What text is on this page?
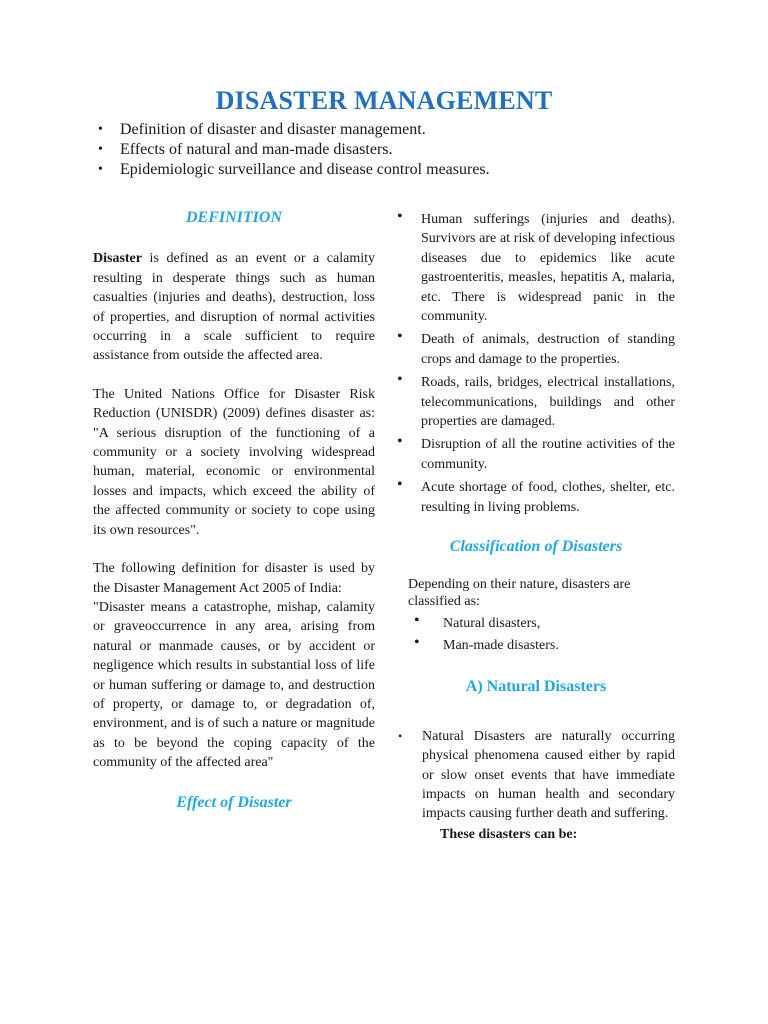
DISASTER MANAGEMENT
• Definition of disaster and disaster management.
• Effects of natural and man-made disasters.
• Epidemiologic surveillance and disease control measures.
DEFINITION

Disaster is defined as an event or a calamity resulting in desperate things such as human casualties (injuries and deaths), destruction, loss of properties, and disruption of normal activities occurring in a scale sufficient to require assistance from outside the affected area.

The United Nations Office for Disaster Risk Reduction (UNISDR) (2009) defines disaster as: "A serious disruption of the functioning of a community or a society involving widespread human, material, economic or environmental losses and impacts, which exceed the ability of the affected community or society to cope using its own resources".

The following definition for disaster is used by the Disaster Management Act 2005 of India:

"Disaster means a catastrophe, mishap, calamity or graveoccurrence in any area, arising from natural or manmade causes, or by accident or negligence which results in substantial loss of life or human suffering or damage to, and destruction of property, or damage to, or degradation of, environment, and is of such a nature or magnitude as to be beyond the coping capacity of the community of the affected area"

Effect of Disaster
• Human sufferings (injuries and deaths). Survivors are at risk of developing infectious diseases due to epidemics like acute gastroenteritis, measles, hepatitis A, malaria, etc. There is widespread panic in the community.
• Death of animals, destruction of standing crops and damage to the properties.
• Roads, rails, bridges, electrical installations, telecommunications, buildings and other properties are damaged.
• Disruption of all the routine activities of the community.
• Acute shortage of food, clothes, shelter, etc. resulting in living problems.
Classification of Disasters

Depending on their nature, disasters are classified as:

• Natural disasters,
• Man-made disasters.
A) Natural Disasters
• Natural Disasters are naturally occurring physical phenomena caused either by rapid or slow onset events that have immediate impacts on human health and secondary impacts causing further death and suffering.

These disasters can be:
